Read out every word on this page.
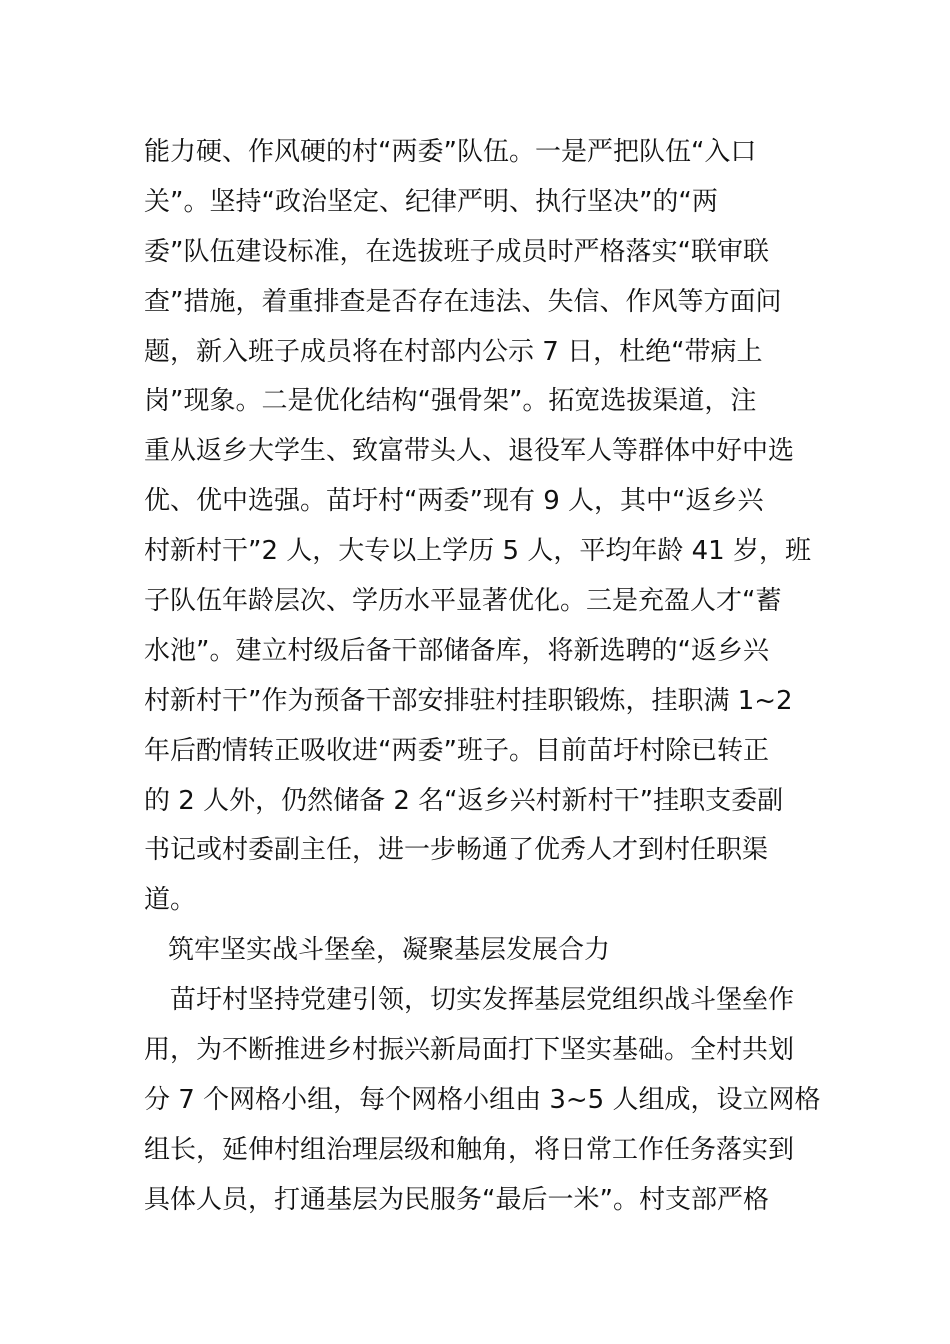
能力硬、作风硬的村“两委”队伍。一是严把队伍“入口
关”。坚持“政治坚定、纪律严明、执行坚决”的“两
委”队伍建设标准，在选拔班子成员时严格落实“联审联
查”措施，着重排查是否存在违法、失信、作风等方面问
题，新入班子成员将在村部内公示 7 日，杜绝“带病上
岗”现象。二是优化结构“强骨架”。拓宽选拔渠道，注
重从返乡大学生、致富带头人、退役军人等群体中好中选
优、优中选强。苗圩村“两委”现有 9 人，其中“返乡兴
村新村干”2 人，大专以上学历 5 人，平均年龄 41 岁，班
子队伍年龄层次、学历水平显著优化。三是充盈人才“蓄
水池”。建立村级后备干部储备库，将新选聘的“返乡兴
村新村干”作为预备干部安排驻村挂职锻炼，挂职满 1~2
年后酌情转正吸收进“两委”班子。目前苗圩村除已转正
的 2 人外，仍然储备 2 名“返乡兴村新村干”挂职支委副
书记或村委副主任，进一步畅通了优秀人才到村任职渠
道。
筑牢坚实战斗堡垒，凝聚基层发展合力
苗圩村坚持党建引领，切实发挥基层党组织战斗堡垒作
用，为不断推进乡村振兴新局面打下坚实基础。全村共划
分 7 个网格小组，每个网格小组由 3~5 人组成，设立网格
组长，延伸村组治理层级和触角，将日常工作任务落实到
具体人员，打通基层为民服务“最后一米”。村支部严格
